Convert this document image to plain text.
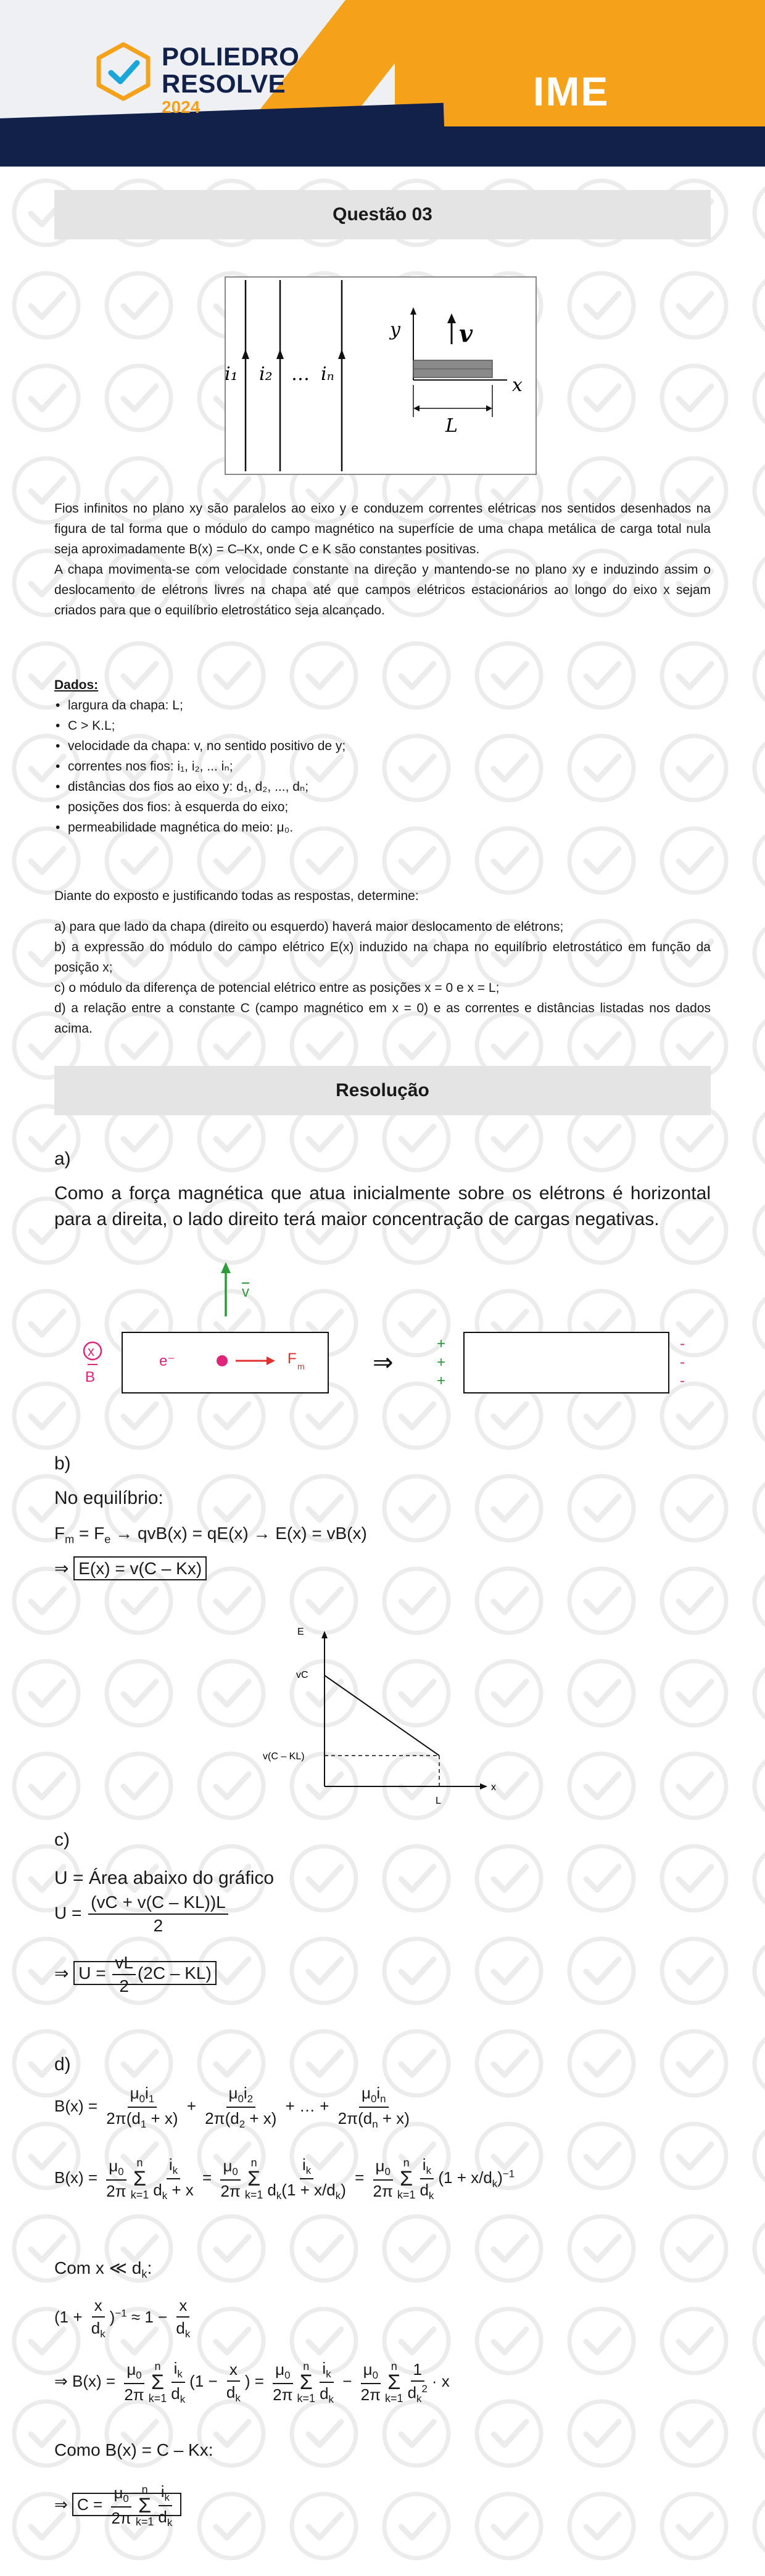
POLIEDRO
RESOLVE
2024	IME
Questão 03
i₁ i₂ … iₙ
y
x
v
L

Fios infinitos no plano xy são paralelos ao eixo y e conduzem correntes elétricas nos sentidos desenhados na figura de tal forma que o módulo do campo magnético na superfície de uma chapa metálica de carga total nula seja aproximadamente B(x) = C–Kx, onde C e K são constantes positivas.

A chapa movimenta-se com velocidade constante na direção y mantendo-se no plano xy e induzindo assim o deslocamento de elétrons livres na chapa até que campos elétricos estacionários ao longo do eixo x sejam criados para que o equilíbrio eletrostático seja alcançado.

Dados:

• largura da chapa: L;
• C > K.L;
• velocidade da chapa: v, no sentido positivo de y;
• correntes nos fios: i₁, i₂, ... iₙ;
• distâncias dos fios ao eixo y: d₁, d₂, ..., dₙ;
• posições dos fios: à esquerda do eixo;
• permeabilidade magnética do meio: μ₀.

Diante do exposto e justificando todas as respostas, determine:

a) para que lado da chapa (direito ou esquerdo) haverá maior deslocamento de elétrons;

b) a expressão do módulo do campo elétrico E(x) induzido na chapa no equilíbrio eletrostático em função da posição x;

c) o módulo da diferença de potencial elétrico entre as posições x = 0 e x = L;

d) a relação entre a constante C (campo magnético em x = 0) e as correntes e distâncias listadas nos dados acima.

Resolução
a)

Como a força magnética que atua inicialmente sobre os elétrons é horizontal para a direita, o lado direito terá maior concentração de cargas negativas.

v
x
B
e⁻	F m	⇒
+
+
+
-
-
-
b)
No equilíbrio:
$F_m = F_e \to qvB(x) = qE(x) \to E(x) = vB(x)$
⇒ E(x) = v(C – Kx)
E
vC
v(C – KL)
L
x
c)
U = Área abaixo do gráfico
$U = \frac{(vC + v(C - KL))L}{2}$
⇒ $U = \frac{vL}{2} (2C - KL)$
d)
$B(x) = \frac{\mu_0i_1}{2\pi(d_1 + x)} + \frac{\mu_0i_2}{2\pi(d_2 + x)}$ + … + $\frac{\mu_0i_n}{2\pi(d_n + x)}$
$B(x) = \frac{\mu_0}{2\pi}$ n
Σ
$k=1 \frac{i_k}{d_k + x} = \frac{\mu_0}{2\pi}$ n
Σ
$k=1 \frac{i_k}{d_k(1 + x/d_k)} = \frac{\mu_0}{2\pi}$ n
Σ
$k=1 \frac{i_k}{d_k} (1 + x/d_k)^{-1}$
Com x ≪ $d_k$:
$(1 + \frac{x}{d_k} )^{-1} \approx 1 - \frac{x}{d_k}$
⇒ $B(x) = \frac{\mu_0}{2\pi}$ n
Σ
$k=1 \frac{i_k}{d_k} (1 - \frac{x}{d_k}$ ) = $\frac{\mu_0}{2\pi}$ n
Σ
$k=1 \frac{i_k}{d_k} - \frac{\mu_0}{2\pi}$ n
Σ
$k=1 \frac{1}{d_k^2} \cdot x$
Como B(x) = C – Kx:
⇒ $C = \frac{\mu_0}{2\pi}$ n
Σ
$k=1 \frac{i_k}{d_k}$
